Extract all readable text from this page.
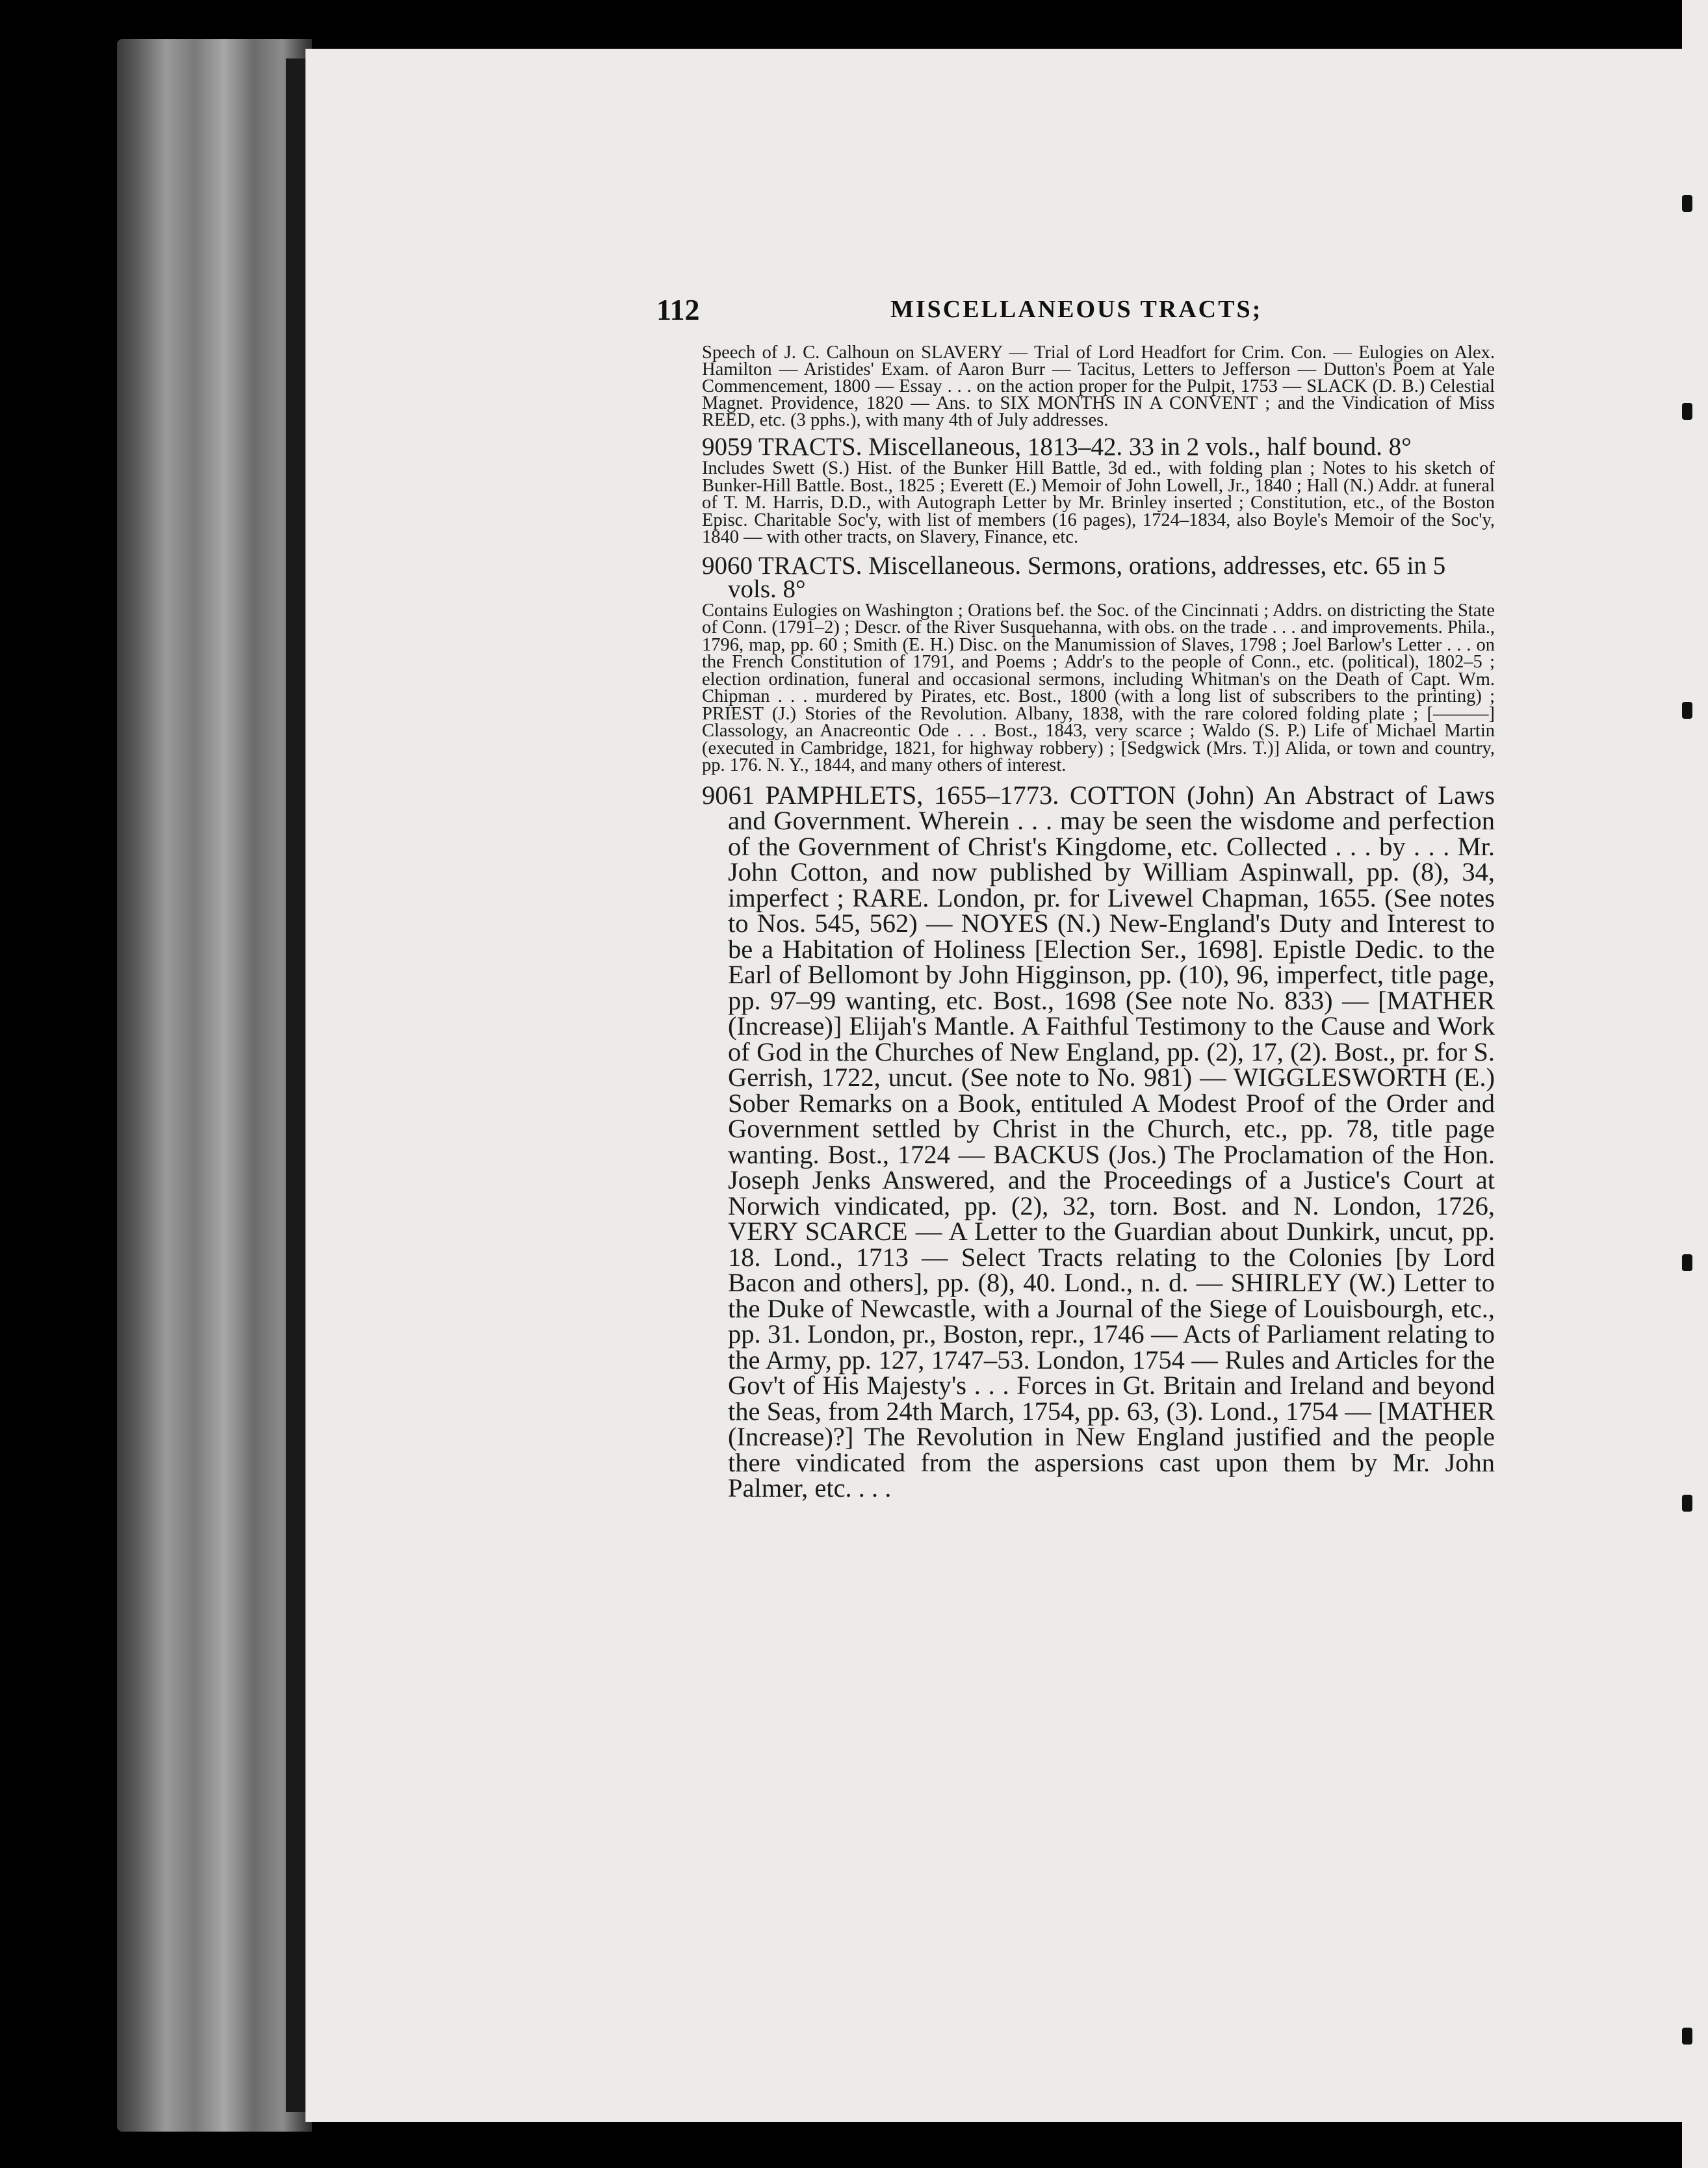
112	MISCELLANEOUS TRACTS;

Speech of J. C. Calhoun on SLAVERY — Trial of Lord Headfort for Crim. Con. — Eulogies on Alex. Hamilton — Aristides' Exam. of Aaron Burr — Tacitus, Letters to Jefferson — Dutton's Poem at Yale Commencement, 1800 — Essay . . . on the action proper for the Pulpit, 1753 — SLACK (D. B.) Celestial Magnet. Providence, 1820 — Ans. to SIX MONTHS IN A CONVENT ; and the Vindication of Miss REED, etc. (3 pphs.), with many 4th of July addresses.

9059 TRACTS. Miscellaneous, 1813–42. 33 in 2 vols., half bound. 8°

Includes Swett (S.) Hist. of the Bunker Hill Battle, 3d ed., with folding plan ; Notes to his sketch of Bunker-Hill Battle. Bost., 1825 ; Everett (E.) Memoir of John Lowell, Jr., 1840 ; Hall (N.) Addr. at funeral of T. M. Harris, D.D., with Autograph Letter by Mr. Brinley inserted ; Constitution, etc., of the Boston Episc. Charitable Soc'y, with list of members (16 pages), 1724–1834, also Boyle's Memoir of the Soc'y, 1840 — with other tracts, on Slavery, Finance, etc.

9060 TRACTS. Miscellaneous. Sermons, orations, addresses, etc. 65 in 5 vols. 8°

Contains Eulogies on Washington ; Orations bef. the Soc. of the Cincinnati ; Addrs. on districting the State of Conn. (1791–2) ; Descr. of the River Susquehanna, with obs. on the trade . . . and improvements. Phila., 1796, map, pp. 60 ; Smith (E. H.) Disc. on the Manumission of Slaves, 1798 ; Joel Barlow's Letter . . . on the French Constitution of 1791, and Poems ; Addr's to the people of Conn., etc. (political), 1802–5 ; election ordination, funeral and occasional sermons, including Whitman's on the Death of Capt. Wm. Chipman . . . murdered by Pirates, etc. Bost., 1800 (with a long list of subscribers to the printing) ; PRIEST (J.) Stories of the Revolution. Albany, 1838, with the rare colored folding plate ; [———] Classology, an Anacreontic Ode . . . Bost., 1843, very scarce ; Waldo (S. P.) Life of Michael Martin (executed in Cambridge, 1821, for highway robbery) ; [Sedgwick (Mrs. T.)] Alida, or town and country, pp. 176. N. Y., 1844, and many others of interest.

9061 PAMPHLETS, 1655–1773. COTTON (John) An Abstract of Laws and Government. Wherein . . . may be seen the wisdome and perfection of the Government of Christ's Kingdome, etc. Collected . . . by . . . Mr. John Cotton, and now published by William Aspinwall, pp. (8), 34, imperfect ; RARE. London, pr. for Livewel Chapman, 1655. (See notes to Nos. 545, 562) — NOYES (N.) New-England's Duty and Interest to be a Habitation of Holiness [Election Ser., 1698]. Epistle Dedic. to the Earl of Bellomont by John Higginson, pp. (10), 96, imperfect, title page, pp. 97–99 wanting, etc. Bost., 1698 (See note No. 833) — [MATHER (Increase)] Elijah's Mantle. A Faithful Testimony to the Cause and Work of God in the Churches of New England, pp. (2), 17, (2). Bost., pr. for S. Gerrish, 1722, uncut. (See note to No. 981) — WIGGLESWORTH (E.) Sober Remarks on a Book, entituled A Modest Proof of the Order and Government settled by Christ in the Church, etc., pp. 78, title page wanting. Bost., 1724 — BACKUS (Jos.) The Proclamation of the Hon. Joseph Jenks Answered, and the Proceedings of a Justice's Court at Norwich vindicated, pp. (2), 32, torn. Bost. and N. London, 1726, VERY SCARCE — A Letter to the Guardian about Dunkirk, uncut, pp. 18. Lond., 1713 — Select Tracts relating to the Colonies [by Lord Bacon and others], pp. (8), 40. Lond., n. d. — SHIRLEY (W.) Letter to the Duke of Newcastle, with a Journal of the Siege of Louisbourgh, etc., pp. 31. London, pr., Boston, repr., 1746 — Acts of Parliament relating to the Army, pp. 127, 1747–53. London, 1754 — Rules and Articles for the Gov't of His Majesty's . . . Forces in Gt. Britain and Ireland and beyond the Seas, from 24th March, 1754, pp. 63, (3). Lond., 1754 — [MATHER (Increase)?] The Revolution in New England justified and the people there vindicated from the aspersions cast upon them by Mr. John Palmer, etc. . . .
